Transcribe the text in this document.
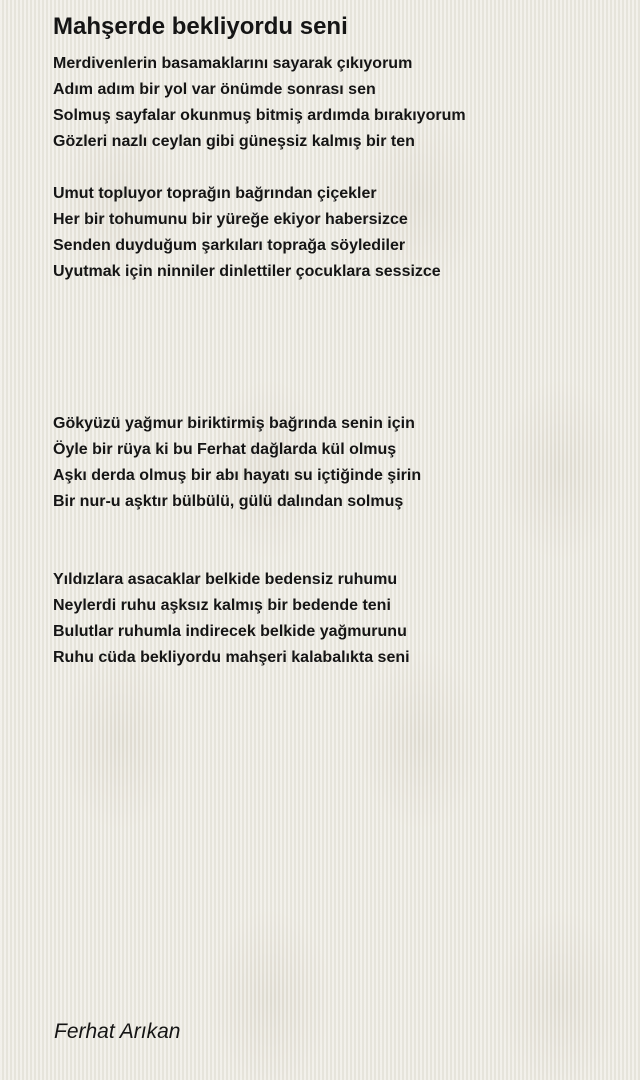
Mahşerde bekliyordu seni
Merdivenlerin basamaklarını sayarak çıkıyorum
Adım adım bir yol var önümde sonrası sen
Solmuş sayfalar okunmuş bitmiş ardımda bırakıyorum
Gözleri nazlı ceylan gibi güneşsiz kalmış bir ten
Umut topluyor toprağın bağrından çiçekler
Her bir tohumunu bir yüreğe ekiyor habersizce
Senden duyduğum şarkıları toprağa söylediler
Uyutmak için ninniler dinlettiler çocuklara sessizce
Gökyüzü yağmur biriktirmiş bağrında senin için
Öyle bir rüya ki bu Ferhat dağlarda kül olmuş
Aşkı derda olmuş bir abı hayatı su içtiğinde şirin
Bir nur-u aşktır bülbülü, gülü dalından solmuş
Yıldızlara asacaklar belkide bedensiz ruhumu
Neylerdi ruhu aşksız kalmış bir bedende teni
Bulutlar ruhumla indirecek belkide yağmurunu
Ruhu cüda bekliyordu mahşeri kalabalıkta seni

Ferhat Arıkan
